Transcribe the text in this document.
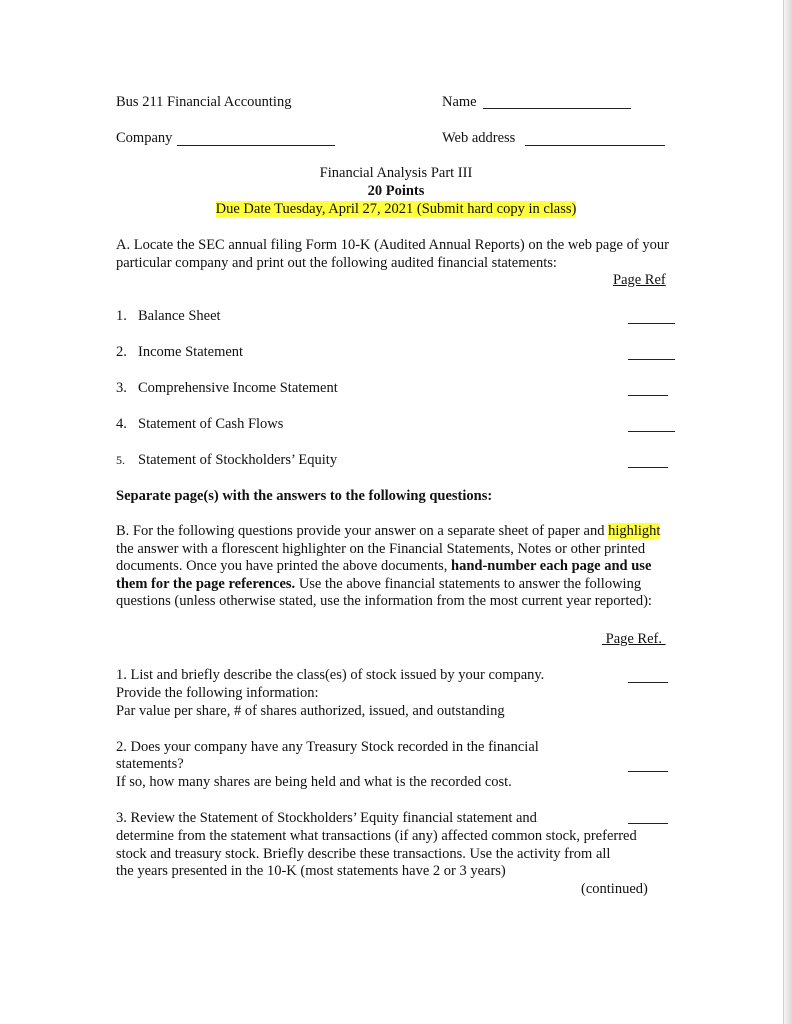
Bus 211 Financial Accounting	Name
Company	Web address
Financial Analysis Part III
20 Points
Due Date Tuesday, April 27, 2021 (Submit hard copy in class)

A. Locate the SEC annual filing Form 10-K (Audited Annual Reports) on the web page of your particular company and print out the following audited financial statements:

Page Ref
1. Balance Sheet
2. Income Statement
3. Comprehensive Income Statement
4. Statement of Cash Flows
5. Statement of Stockholders’ Equity
Separate page(s) with the answers to the following questions:

B. For the following questions provide your answer on a separate sheet of paper and highlight the answer with a florescent highlighter on the Financial Statements, Notes or other printed documents. Once you have printed the above documents, hand-number each page and use them for the page references. Use the above financial statements to answer the following questions (unless otherwise stated, use the information from the most current year reported):

Page Ref.
1. List and briefly describe the class(es) of stock issued by your company.
Provide the following information:
Par value per share, # of shares authorized, issued, and outstanding
2. Does your company have any Treasury Stock recorded in the financial
statements?
If so, how many shares are being held and what is the recorded cost.
3. Review the Statement of Stockholders’ Equity financial statement and
determine from the statement what transactions (if any) affected common stock, preferred
stock and treasury stock. Briefly describe these transactions. Use the activity from all
the years presented in the 10-K (most statements have 2 or 3 years)
(continued)
